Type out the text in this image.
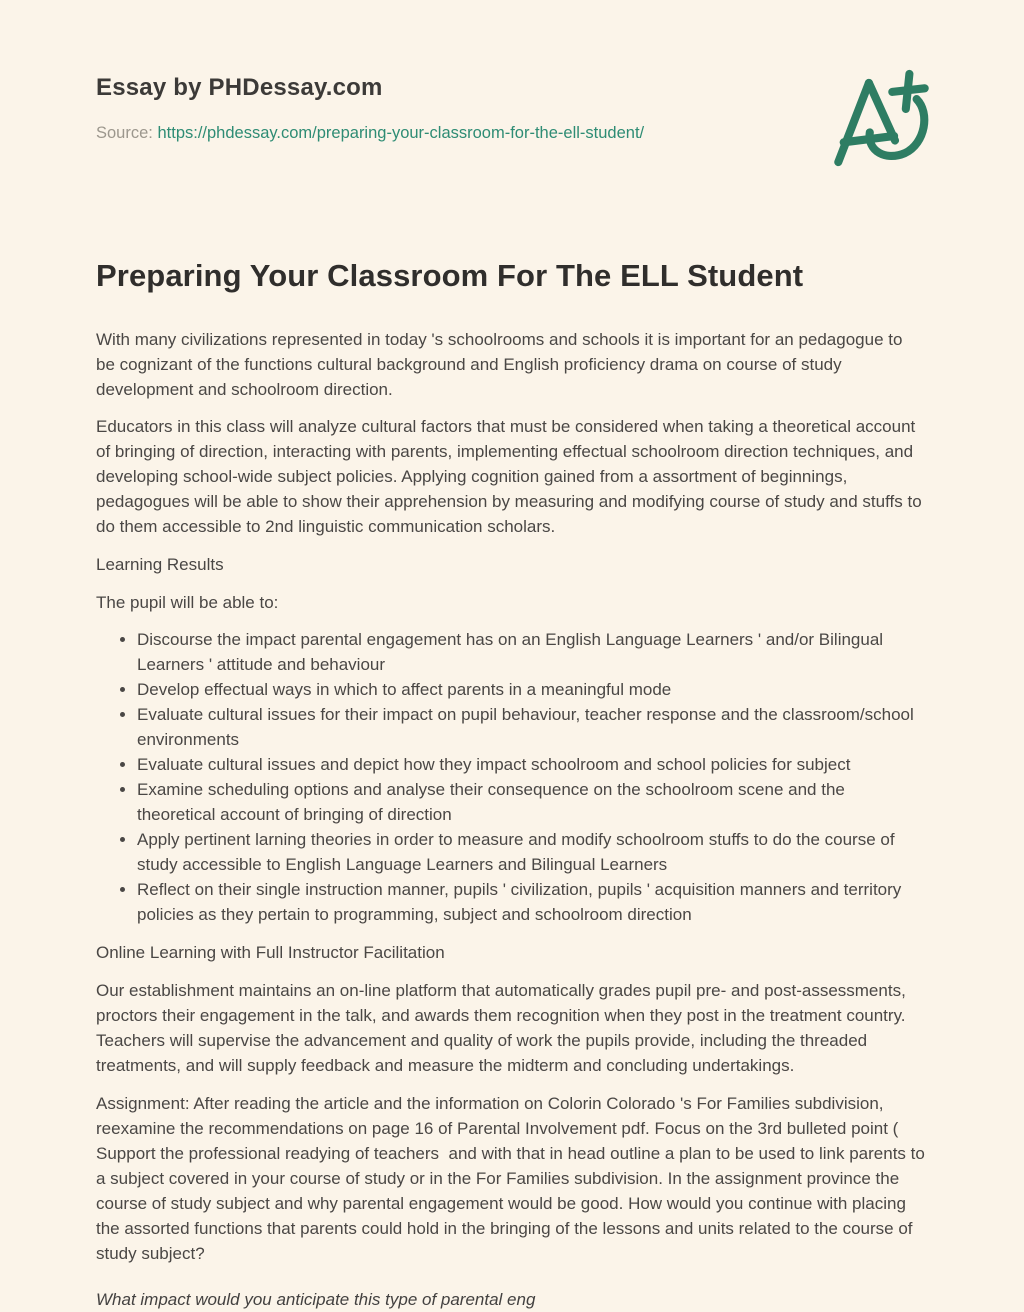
Essay by PHDessay.com
Source: https://phdessay.com/preparing-your-classroom-for-the-ell-student/
Preparing Your Classroom For The ELL Student

With many civilizations represented in today 's schoolrooms and schools it is important for an pedagogue to be cognizant of the functions cultural background and English proficiency drama on course of study development and schoolroom direction.

Educators in this class will analyze cultural factors that must be considered when taking a theoretical account of bringing of direction, interacting with parents, implementing effectual schoolroom direction techniques, and developing school-wide subject policies. Applying cognition gained from a assortment of beginnings, pedagogues will be able to show their apprehension by measuring and modifying course of study and stuffs to do them accessible to 2nd linguistic communication scholars.

Learning Results

The pupil will be able to:

Discourse the impact parental engagement has on an English Language Learners ' and/or Bilingual Learners ' attitude and behaviour
Develop effectual ways in which to affect parents in a meaningful mode
Evaluate cultural issues for their impact on pupil behaviour, teacher response and the classroom/school environments
Evaluate cultural issues and depict how they impact schoolroom and school policies for subject
Examine scheduling options and analyse their consequence on the schoolroom scene and the theoretical account of bringing of direction
Apply pertinent larning theories in order to measure and modify schoolroom stuffs to do the course of study accessible to English Language Learners and Bilingual Learners
Reflect on their single instruction manner, pupils ' civilization, pupils ' acquisition manners and territory policies as they pertain to programming, subject and schoolroom direction

Online Learning with Full Instructor Facilitation

Our establishment maintains an on-line platform that automatically grades pupil pre- and post-assessments, proctors their engagement in the talk, and awards them recognition when they post in the treatment country. Teachers will supervise the advancement and quality of work the pupils provide, including the threaded treatments, and will supply feedback and measure the midterm and concluding undertakings.

Assignment: After reading the article and the information on Colorin Colorado 's For Families subdivision, reexamine the recommendations on page 16 of Parental Involvement pdf. Focus on the 3rd bulleted point ( Support the professional readying of teachers  and with that in head outline a plan to be used to link parents to a subject covered in your course of study or in the For Families subdivision. In the assignment province the course of study subject and why parental engagement would be good. How would you continue with placing the assorted functions that parents could hold in the bringing of the lessons and units related to the course of study subject?

What impact would you anticipate this type of parental eng
